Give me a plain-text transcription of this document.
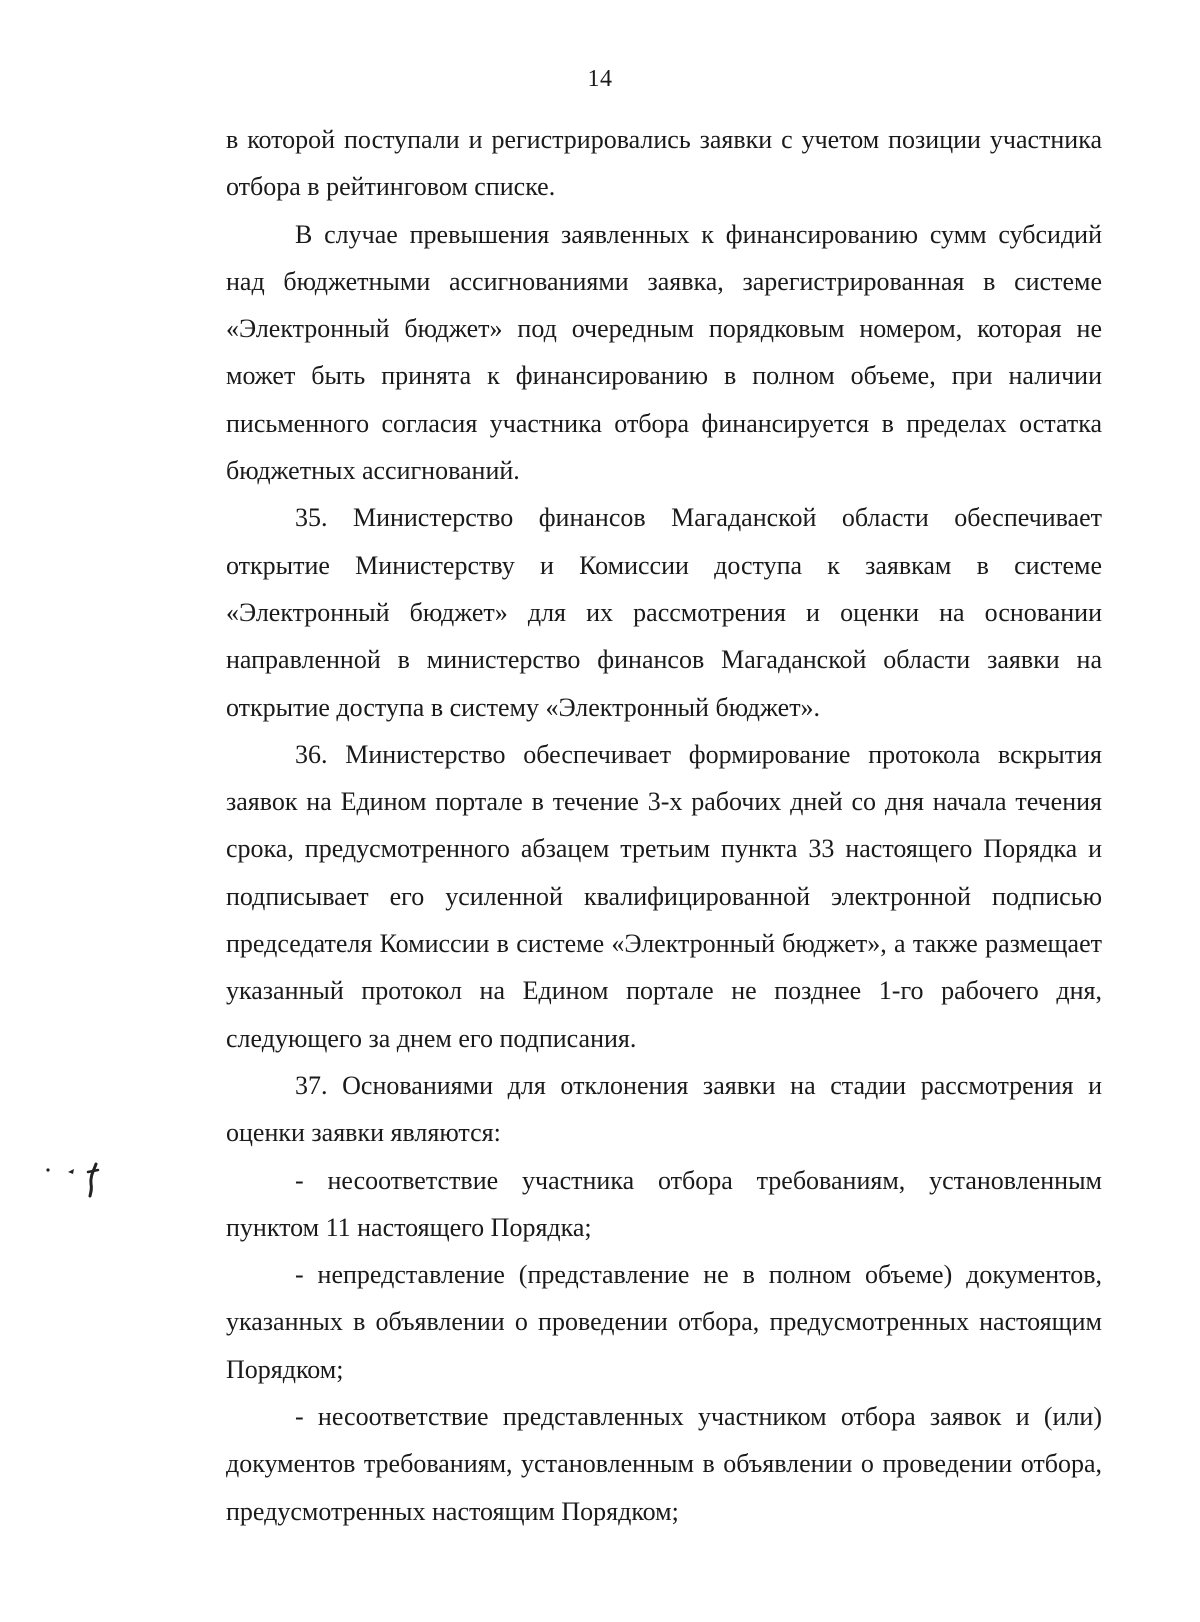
14

в которой поступали и регистрировались заявки с учетом позиции участника отбора в рейтинговом списке.

В случае превышения заявленных к финансированию сумм субсидий над бюджетными ассигнованиями заявка, зарегистрированная в системе «Электронный бюджет» под очередным порядковым номером, которая не может быть принята к финансированию в полном объеме, при наличии письменного согласия участника отбора финансируется в пределах остатка бюджетных ассигнований.

35. Министерство финансов Магаданской области обеспечивает открытие Министерству и Комиссии доступа к заявкам в системе «Электронный бюджет» для их рассмотрения и оценки на основании направленной в министерство финансов Магаданской области заявки на открытие доступа в систему «Электронный бюджет».

36. Министерство обеспечивает формирование протокола вскрытия заявок на Едином портале в течение 3-х рабочих дней со дня начала течения срока, предусмотренного абзацем третьим пункта 33 настоящего Порядка и подписывает его усиленной квалифицированной электронной подписью председателя Комиссии в системе «Электронный бюджет», а также размещает указанный протокол на Едином портале не позднее 1-го рабочего дня, следующего за днем его подписания.

37. Основаниями для отклонения заявки на стадии рассмотрения и оценки заявки являются:

- несоответствие участника отбора требованиям, установленным пунктом 11 настоящего Порядка;

- непредставление (представление не в полном объеме) документов, указанных в объявлении о проведении отбора, предусмотренных настоящим Порядком;

- несоответствие представленных участником отбора заявок и (или) документов требованиям, установленным в объявлении о проведении отбора, предусмотренных настоящим Порядком;
